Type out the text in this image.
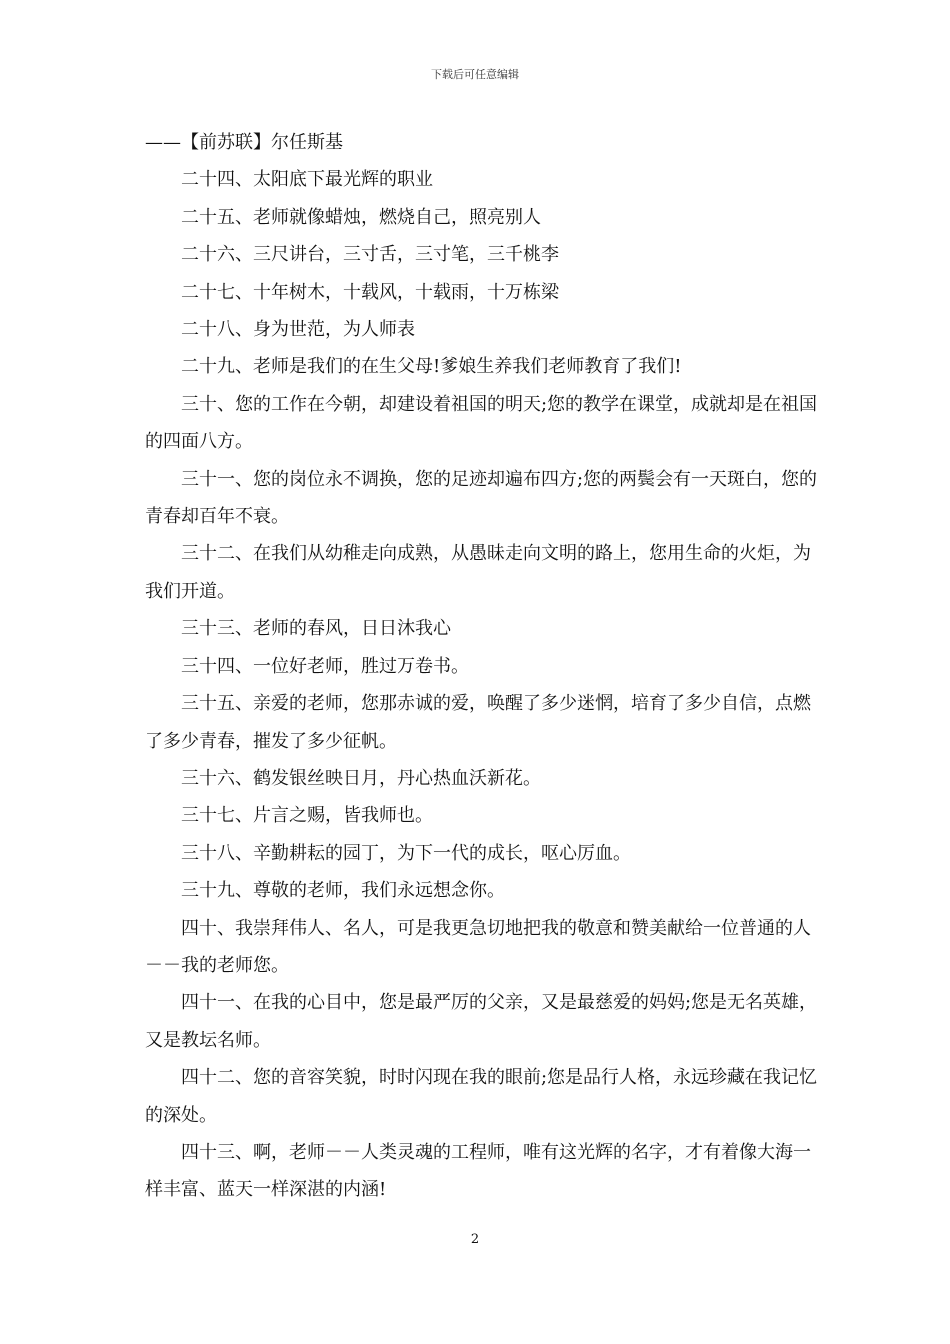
下载后可任意编辑

——【前苏联】尔任斯基

二十四、太阳底下最光辉的职业

二十五、老师就像蜡烛，燃烧自己，照亮别人

二十六、三尺讲台，三寸舌，三寸笔，三千桃李

二十七、十年树木，十载风，十载雨，十万栋梁

二十八、身为世范，为人师表

二十九、老师是我们的在生父母!爹娘生养我们老师教育了我们!

三十、您的工作在今朝，却建设着祖国的明天;您的教学在课堂，成就却是在祖国的四面八方。

三十一、您的岗位永不调换，您的足迹却遍布四方;您的两鬓会有一天斑白，您的青春却百年不衰。

三十二、在我们从幼稚走向成熟，从愚昧走向文明的路上，您用生命的火炬，为我们开道。

三十三、老师的春风，日日沐我心

三十四、一位好老师，胜过万卷书。

三十五、亲爱的老师，您那赤诚的爱，唤醒了多少迷惘，培育了多少自信，点燃了多少青春，摧发了多少征帆。

三十六、鹤发银丝映日月，丹心热血沃新花。

三十七、片言之赐，皆我师也。

三十八、辛勤耕耘的园丁，为下一代的成长，呕心厉血。

三十九、尊敬的老师，我们永远想念你。

四十、我崇拜伟人、名人，可是我更急切地把我的敬意和赞美献给一位普通的人－－我的老师您。

四十一、在我的心目中，您是最严厉的父亲，又是最慈爱的妈妈;您是无名英雄，又是教坛名师。

四十二、您的音容笑貌，时时闪现在我的眼前;您是品行人格，永远珍藏在我记忆的深处。

四十三、啊，老师－－人类灵魂的工程师，唯有这光辉的名字，才有着像大海一样丰富、蓝天一样深湛的内涵!

2
